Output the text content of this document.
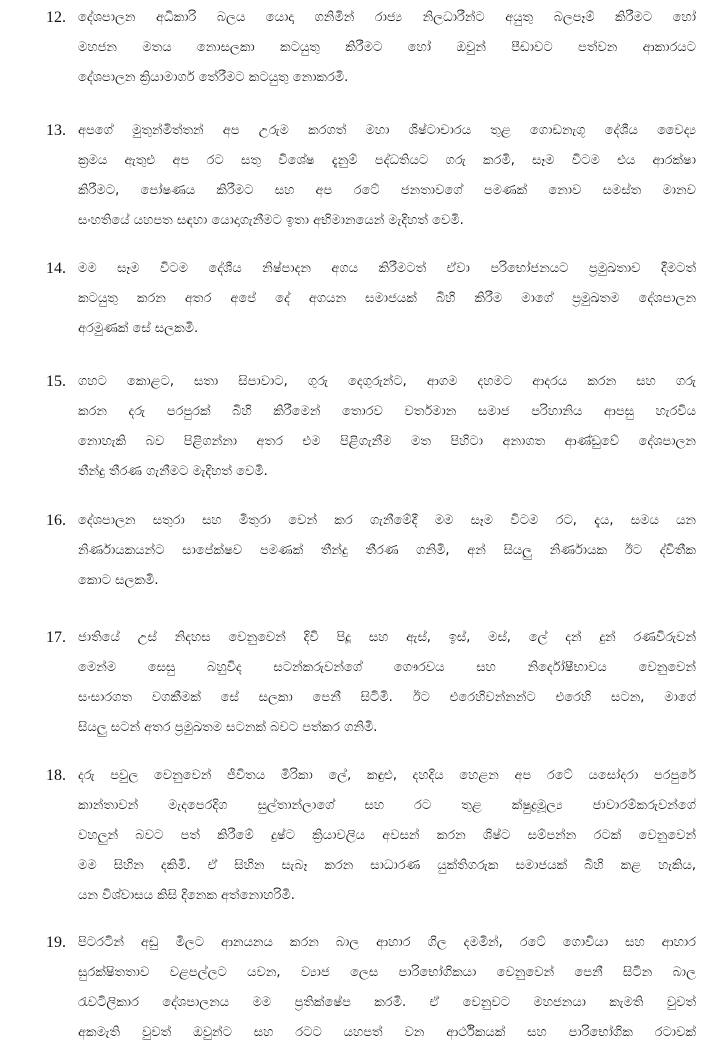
12. දේශපාලන අධිකාරි බලය යොදා ගනිමින් රාජ්‍ය නිලධාරීන්ට අයුතු බලපෑම් කිරීමට හෝ
මහජන මතය නොසලකා කටයුතු කිරීමට හෝ ඔවුන් පීඩාවට පත්වන ආකාරයට
දේශපාලන ක්‍රියාමාර්ග තේරීමට කටයුතු නොකරමි.
13. අපගේ මුතුන්මිත්තන් අප උරුම කරගත් මහා ශිෂ්ටාචාරය තුළ ගොඩනැගූ දේශීය වෛද්‍ය
ක්‍රමය ඇතුළු අප රට සතු විශේෂ දැනුම් පද්ධතියට ගරු කරමි, සෑම විටම එය ආරක්ෂා
කිරීමට, පෝෂණය කිරීමට සහ අප රටේ ජනතාවගේ පමණක් නොව සමස්ත මානව
සංහතියේ යහපත සඳහා යොදාගැනීමට ඉතා අභිමානයෙන් මැදිහත් වෙමි.
14. මම සෑම විටම දේශීය නිෂ්පාදන අගය කිරීමටත් ඒවා පරිභෝජනයට ප්‍රමුඛතාව දීමටත්
කටයුතු කරන අතර අපේ දේ අගයන සමාජයක් බිහි කිරීම මාගේ ප්‍රමුඛතම දේශපාලන
අරමුණක් සේ සලකමි.
15. ගහට කොළට, සතා සිපාවාට, ගුරු දෙගුරුන්ට, ආගම දහමට ආදරය කරන සහ ගරු
කරන දරු පරපුරක් බිහි කිරීමෙන් තොරව වර්තමාන සමාජ පරිහානිය ආපසු හැරවිය
නොහැකි බව පිළිගන්නා අතර එම පිළිගැනීම මත පිහිටා අනාගත ආණ්ඩුවේ දේශපාලන
තීන්දු තීරණ ගැනීමට මැදිහත් වෙමි.
16. දේශපාලන සතුරා සහ මිතුරා වෙන් කර ගැනීමේදී මම සෑම විටම රට, දැය, සමය යන
නිර්ණායකයන්ට සාපේක්ෂව පමණක් තීන්දු තීරණ ගනිමි, අන් සියලු නිර්ණායක ඊට ද්විතීක
කොට සලකමි.
17. ජාතියේ උස් නිදහස වෙනුවෙන් දිවි පිදූ සහ ඇස්, ඉස්, මස්, ලේ දන් දුන් රණවිරුවන්
මෙන්ම සෙසු බහුවිද සටන්කරුවන්ගේ ගෞරවය සහ නිර්දෝෂීභාවය වෙනුවෙන්
සංසාරගත වගකීමක් සේ සලකා පෙනී සිටිමි. ඊට එරෙහිවන්නන්ට එරෙහි සටන, මාගේ
සියලු සටන් අතර ප්‍රමුඛතම සටනක් බවට පත්කර ගනිමි.
18. දරු පවුල වෙනුවෙන් ජීවිතය මිරිකා ලේ, කඳුළු, දහදිය හෙළන අප රටේ යසෝදරා පරපුරේ
කාන්තාවන් මැදපෙරදිග සුල්තාන්ලාගේ සහ රට තුළ ක්ෂුද්‍රමූල්‍ය ජාවාරම්කරුවන්ගේ
වහලුන් බවට පත් කිරීමේ දුෂ්ට ක්‍රියාවලිය අවසන් කරන ශිෂ්ට සම්පන්න රටක් වෙනුවෙන්
මම සිහින දකිමි. ඒ සිහින සැබෑ කරන සාධාරණ යුක්තිගරුක සමාජයක් බිහි කළ හැකිය,
යන විශ්වාසය කිසි දිනෙක අත්නොහරිමි.
19. පිටරටින් අඩු මිලට ආනයනය කරන බාල ආහාර ගිල දමමින්, රටේ ගොවියා සහ ආහාර
සුරක්ෂිතතාව වළපල්ලට යවන, ව්‍යාජ ලෙස පාරිභෝගිකයා වෙනුවෙන් පෙනී සිටින බාල
රැවටිලිකාර දේශපාලනය මම ප්‍රතික්ෂේප කරමි. ඒ වෙනුවට මහජනයා කැමති වුවත්
අකමැති වුවත් ඔවුන්ට සහ රටට යහපත් වන ආර්ථිකයක් සහ පාරිභෝගික රටාවක්
